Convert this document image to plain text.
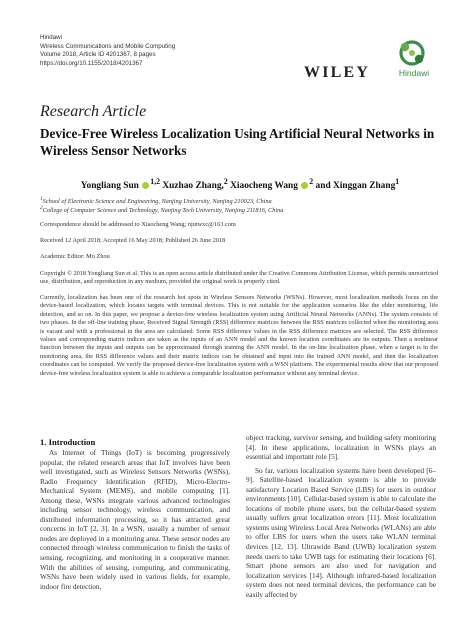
Hindawi
Wireless Communications and Mobile Computing
Volume 2018, Article ID 4201367, 8 pages
https://doi.org/10.1155/2018/4201367
WILEY	Hindawi
Research Article
Device-Free Wireless Localization Using Artificial Neural Networks in Wireless Sensor Networks
Yongliang Sun $^{1,2}$ Xuzhao Zhang,$^2$ Xiaocheng Wang $^2$ and Xinggan Zhang$^1$
$^1$School of Electronic Science and Engineering, Nanjing University, Nanjing 210023, China
$^2$College of Computer Science and Technology, Nanjing Tech University, Nanjing 211816, China
Correspondence should be addressed to Xiaocheng Wang; njutwxc@163.com
Received 12 April 2018; Accepted 16 May 2018; Published 26 June 2018
Academic Editor: Mu Zhou
Copyright © 2018 Yongliang Sun et al. This is an open access article distributed under the Creative Commons Attribution License, which permits unrestricted use, distribution, and reproduction in any medium, provided the original work is properly cited.
Currently, localization has been one of the research hot spots in Wireless Sensors Networks (WSNs). However, most localization methods focus on the device-based localization, which locates targets with terminal devices. This is not suitable for the application scenarios like the elder monitoring, life detection, and so on. In this paper, we propose a device-free wireless localization system using Artificial Neural Networks (ANNs). The system consists of two phases. In the off-line training phase, Received Signal Strength (RSS) difference matrices between the RSS matrices collected when the monitoring area is vacant and with a professional in the area are calculated. Some RSS difference values in the RSS difference matrices are selected. The RSS difference values and corresponding matrix indices are taken as the inputs of an ANN model and the known location coordinates are its outputs. Then a nonlinear function between the inputs and outputs can be approximated through training the ANN model. In the on-line localization phase, when a target is in the monitoring area, the RSS difference values and their matrix indices can be obtained and input into the trained ANN model, and then the localization coordinates can be computed. We verify the proposed device-free localization system with a WSN platform. The experimental results show that our proposed device-free wireless localization system is able to achieve a comparable localization performance without any terminal device.
1. Introduction

As Internet of Things (IoT) is becoming progressively popular, the related research areas that IoT involves have been well investigated, such as Wireless Sensors Networks (WSNs), Radio Frequency Identification (RFID), Micro-Electro-Mechanical System (MEMS), and mobile computing [1]. Among these, WSNs integrate various advanced technologies including sensor technology, wireless communication, and distributed information processing, so it has attracted great concerns in IoT [2, 3]. In a WSN, usually a number of sensor nodes are deployed in a monitoring area. These sensor nodes are connected through wireless communication to finish the tasks of sensing, recognizing, and monitoring in a cooperative manner. With the abilities of sensing, computing, and communicating, WSNs have been widely used in various fields, for example, indoor fire detection,

object tracking, survivor sensing, and building safety monitoring [4]. In these applications, localization in WSNs plays an essential and important role [5].

So far, various localization systems have been developed [6–9]. Satellite-based localization system is able to provide satisfactory Location Based Service (LBS) for users in outdoor environments [10]. Cellular-based system is able to calculate the locations of mobile phone users, but the cellular-based system usually suffers great localization errors [11]. Most localization systems using Wireless Local Area Networks (WLANs) are able to offer LBS for users when the users take WLAN terminal devices [12, 13]. Ultrawide Band (UWB) localization system needs users to take UWB tags for estimating their locations [6]. Smart phone sensors are also used for navigation and localization services [14]. Although infrared-based localization system does not need terminal devices, the performance can be easily affected by
